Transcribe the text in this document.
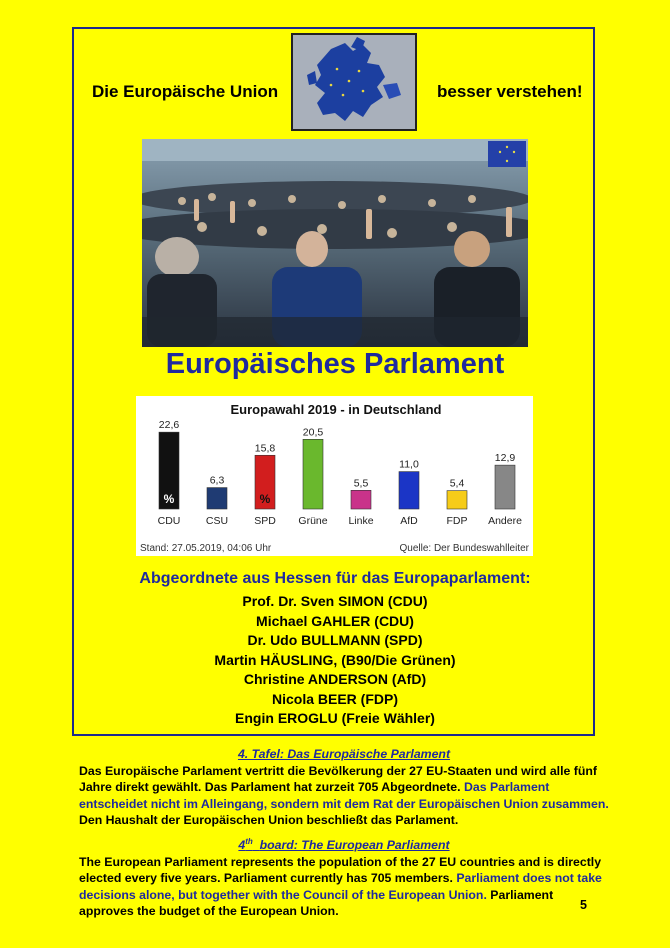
Die Europäische Union	besser verstehen!
Europäisches Parlament
Europawahl 2019 - in Deutschland
22,6
CDU
6,3
CSU
15,8
SPD
20,5
Grüne
5,5
Linke
11,0
AfD
5,4
FDP
12,9
Andere
%	%
Stand: 27.05.2019, 04:06 Uhr	Quelle: Der Bundeswahlleiter
Abgeordnete aus Hessen für das Europaparlament:
Prof. Dr. Sven SIMON (CDU)
Michael GAHLER (CDU)
Dr. Udo BULLMANN (SPD)
Martin HÄUSLING, (B90/Die Grünen)
Christine ANDERSON (AfD)
Nicola BEER (FDP)
Engin EROGLU (Freie Wähler)
4. Tafel: Das Europäische Parlament
Das Europäische Parlament vertritt die Bevölkerung der 27 EU-Staaten und wird alle fünf Jahre direkt gewählt. Das Parlament hat zurzeit 705 Abgeordnete. Das Parlament entscheidet nicht im Alleingang, sondern mit dem Rat der Europäischen Union zusammen. Den Haushalt der Europäischen Union beschließt das Parlament.
4th board: The European Parliament
The European Parliament represents the population of the 27 EU countries and is directly elected every five years. Parliament currently has 705 members. Parliament does not take decisions alone, but together with the Council of the European Union. Parliament approves the budget of the European Union.	5
